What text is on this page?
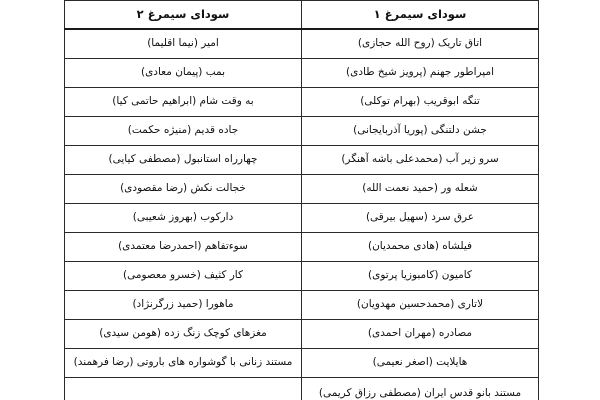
سودای سیمرغ ۱	سودای سیمرغ ۲
اتاق تاریک (روح الله حجازی)	امیر (نیما اقلیما)
امپراطور جهنم (پرویز شیخ طادی)	بمب (پیمان معادی)
تنگه ابوقریب (بهرام توکلی)	به وقت شام (ابراهیم حاتمی کیا)
جشن دلتنگی (پوریا آذربایجانی)	جاده قدیم (منیژه حکمت)
سرو زیر آب (محمدعلی باشه آهنگر)	چهارراه استانبول (مصطفی کیایی)
شعله ور (حمید نعمت الله)	خجالت نکش (رضا مقصودی)
عرق سرد (سهیل بیرقی)	دارکوب (بهروز شعیبی)
فیلشاه (هادی محمدیان)	سوءتفاهم (احمدرضا معتمدی)
کامیون (کامبوزیا پرتوی)	کار کثیف (خسرو معصومی)
لاتاری (محمدحسین مهدویان)	ماهورا (حمید زرگرنژاد)
مصادره (مهران احمدی)	مغزهای کوچک زنگ زده (هومن سیدی)
هایلایت (اصغر نعیمی)	مستند زنانی با گوشواره های باروتی (رضا فرهمند)
مستند بانو قدس ایران (مصطفی رزاق کریمی)	
